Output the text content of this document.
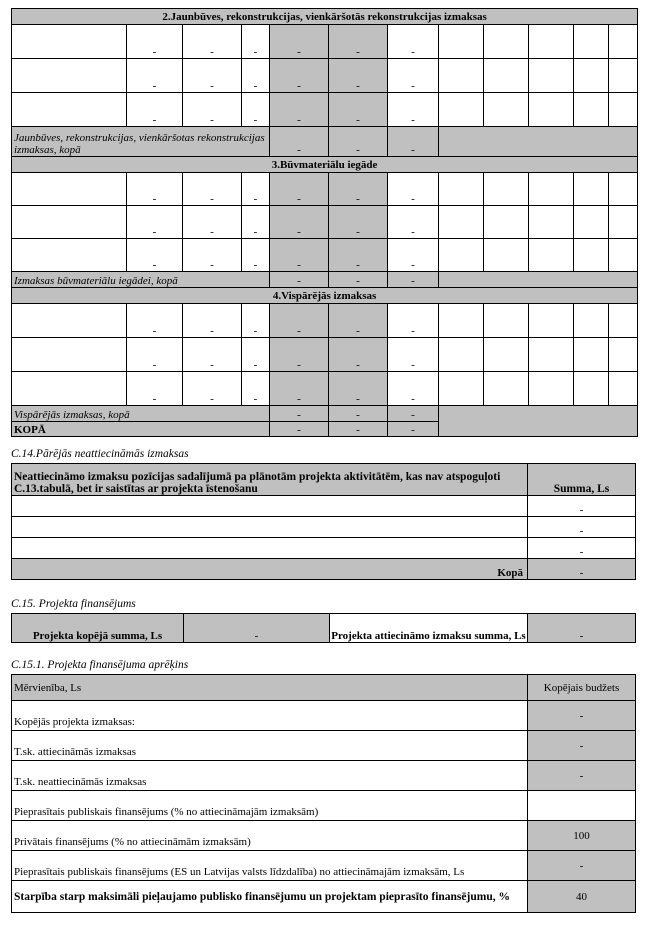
2.Jaunbūves, rekonstrukcijas, vienkāršotās rekonstrukcijas izmaksas											
	-	-	-	-	-	-					
	-	-	-	-	-	-					
	-	-	-	-	-	-					
Jaunbūves, rekonstrukcijas, vienkāršotas rekonstrukcijas izmaksas, kopā				-	-	-					
3.Būvmateriālu iegāde											
	-	-	-	-	-	-					
	-	-	-	-	-	-					
	-	-	-	-	-	-					
Izmaksas būvmateriālu iegādei, kopā				-	-	-					
4.Vispārējās izmaksas											
	-	-	-	-	-	-					
	-	-	-	-	-	-					
	-	-	-	-	-	-					
Vispārējās izmaksas, kopā				-	-	-					
KOPĀ				-	-	-					
C.14.Pārējās neattiecināmās izmaksas
Neattiecināmo izmaksu pozīcijas sadalījumā pa plānotām projekta aktivitātēm, kas nav atspoguļoti C.13.tabulā, bet ir saistītas ar projekta īstenošanu	Summa, Ls
	-
	-
	-
Kopā	-
C.15. Projekta finansējums
Projekta kopējā summa, Ls	-	Projekta attiecināmo izmaksu summa, Ls	-
C.15.1. Projekta finansējuma aprēķins
Mērvienība, Ls	Kopējais budžets
Kopējās projekta izmaksas:	-
T.sk. attiecināmās izmaksas	-
T.sk. neattiecināmās izmaksas	-
Pieprasītais publiskais finansējums (% no attiecināmajām izmaksām)	
Privātais finansējums (% no attiecināmām izmaksām)	100
Pieprasītais publiskais finansējums (ES un Latvijas valsts līdzdalība) no attiecināmajām izmaksām, Ls	-
Starpība starp maksimāli pieļaujamo publisko finansējumu un projektam pieprasīto finansējumu, %	40
